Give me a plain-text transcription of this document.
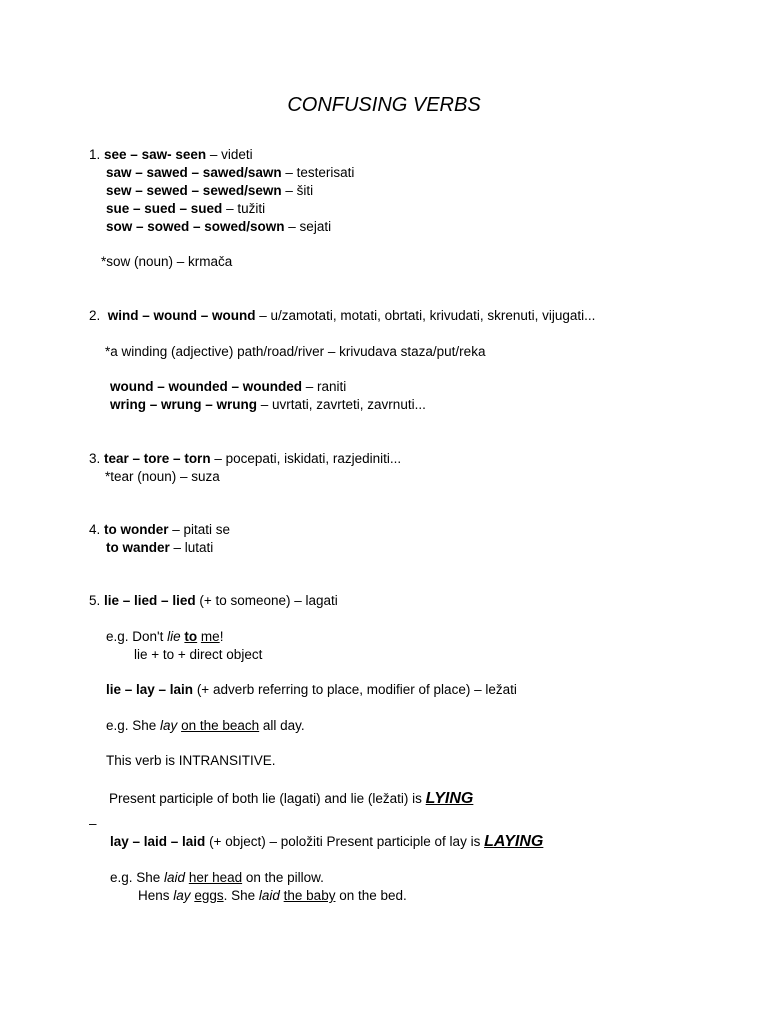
CONFUSING VERBS
1. see – saw- seen – videti
saw – sawed – sawed/sawn – testerisati
sew – sewed – sewed/sewn – šiti
sue – sued – sued – tužiti
sow – sowed – sowed/sown – sejati
*sow (noun) – krmača
2. wind – wound – wound – u/zamotati, motati, obrtati, krivudati, skrenuti, vijugati...
*a winding (adjective) path/road/river – krivudava staza/put/reka
wound – wounded – wounded – raniti
wring – wrung – wrung – uvrtati, zavrteti, zavrnuti...
3. tear – tore – torn – pocepati, iskidati, razjediniti...
*tear (noun) – suza
4. to wonder – pitati se
to wander – lutati
5. lie – lied – lied (+ to someone) – lagati
e.g. Don't lie to me!
lie + to + direct object
lie – lay – lain (+ adverb referring to place, modifier of place) – ležati
e.g. She lay on the beach all day.
This verb is INTRANSITIVE.
Present participle of both lie (lagati) and lie (ležati) is LYING
–
lay – laid – laid (+ object) – položiti Present participle of lay is LAYING
e.g. She laid her head on the pillow.
Hens lay eggs. She laid the baby on the bed.
